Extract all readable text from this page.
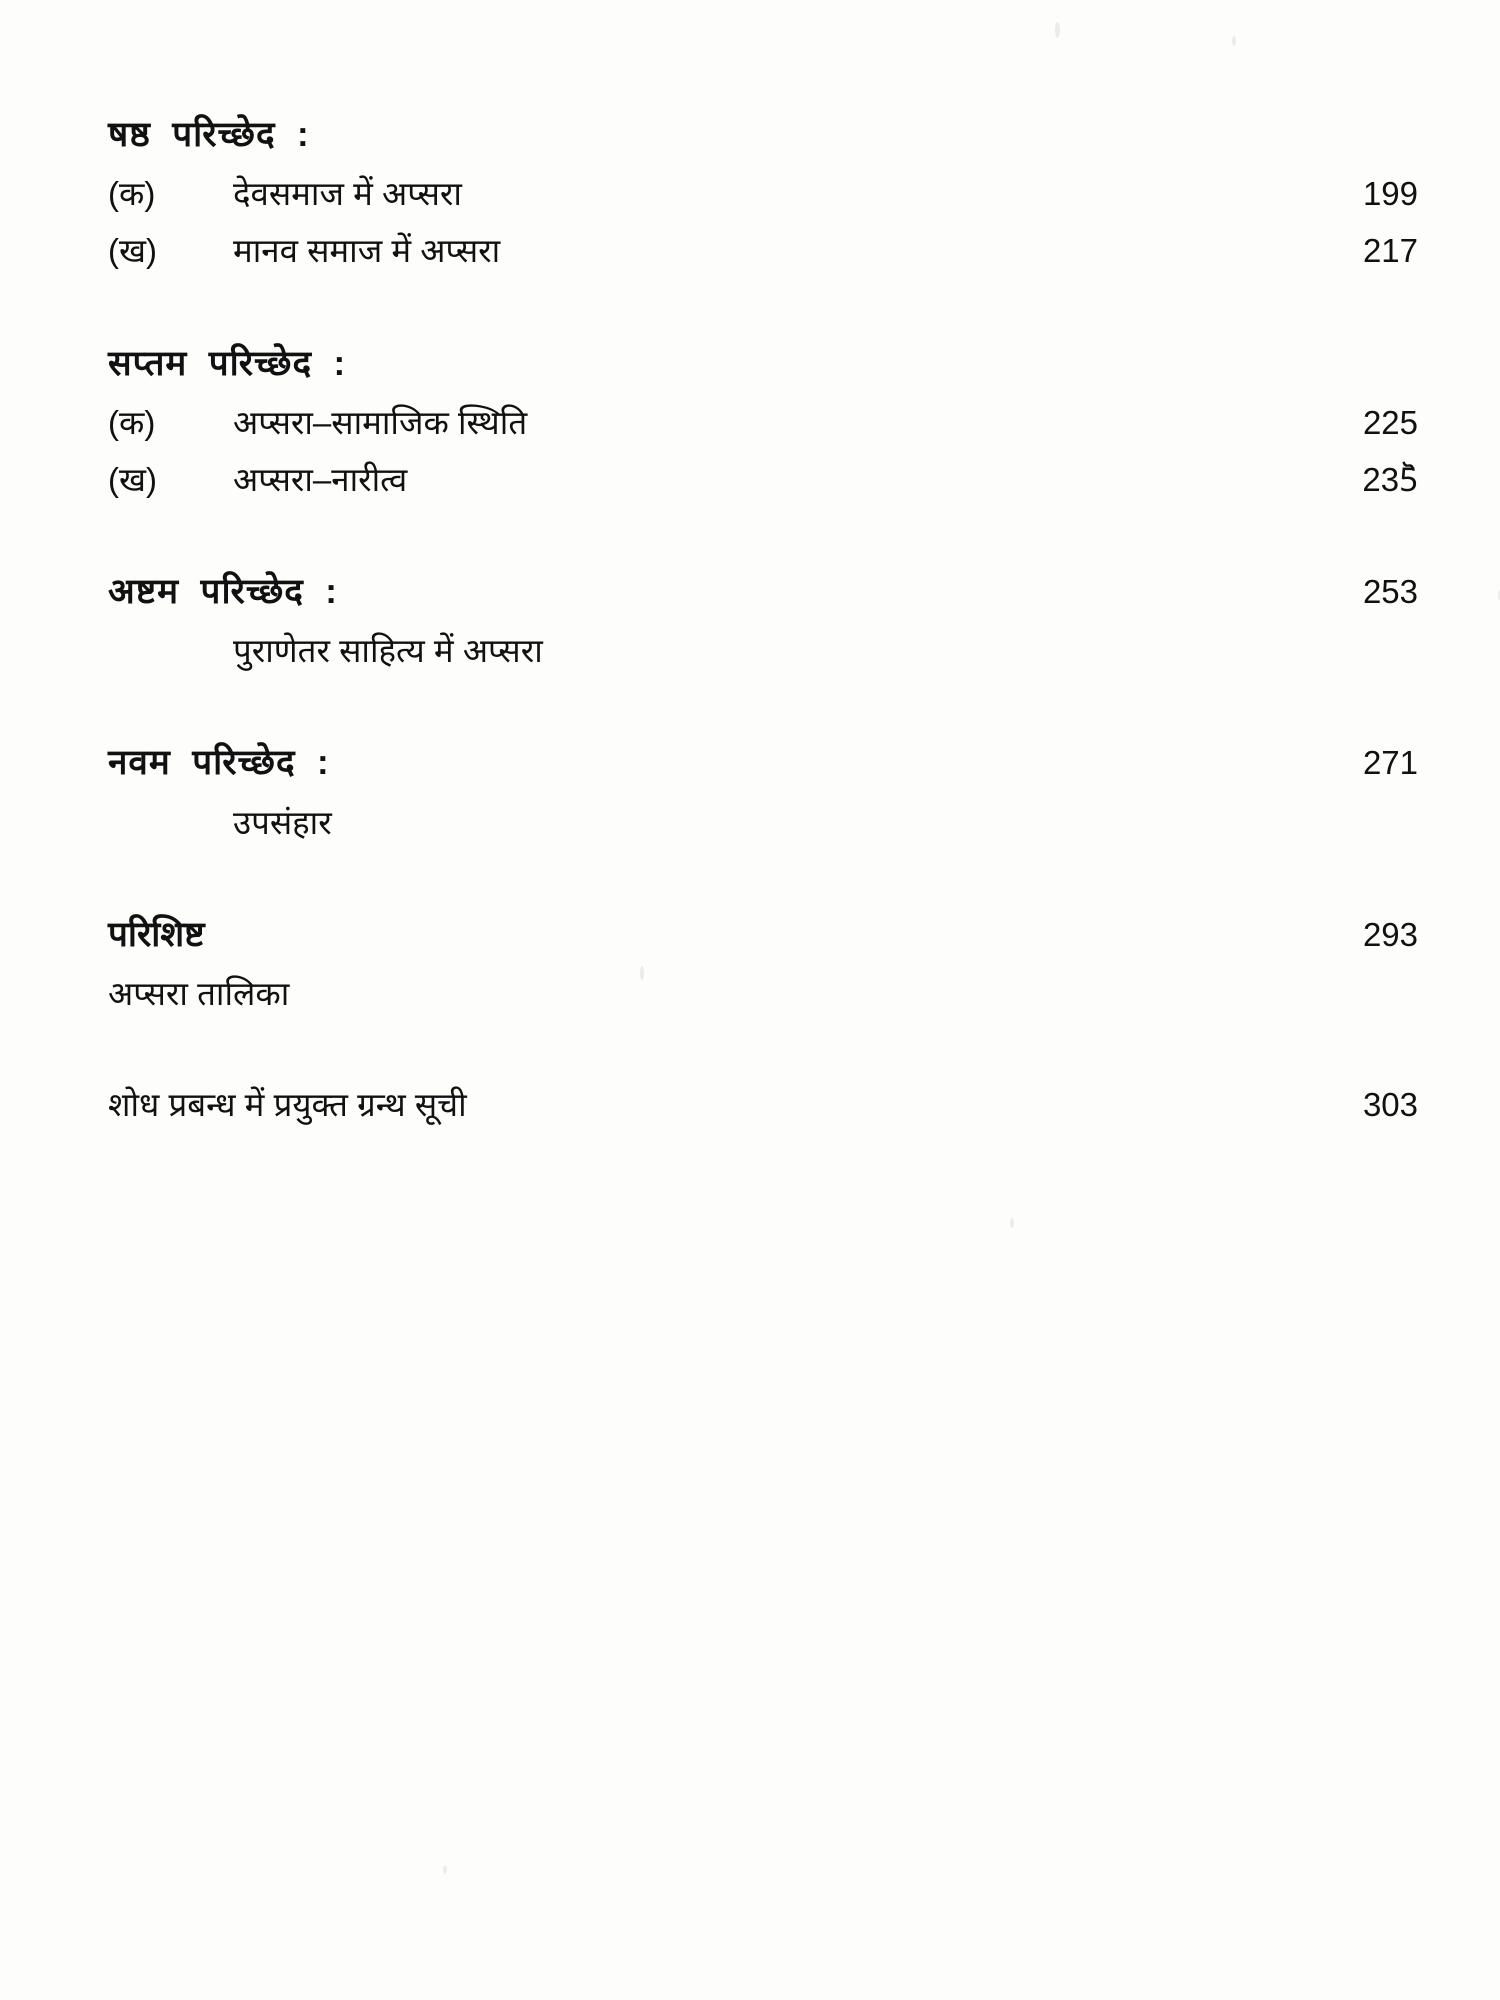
षष्ठ  परिच्छेद  :
(क)	देवसमाज में अप्सरा	199
(ख)	मानव समाज में अप्सरा	217
सप्तम  परिच्छेद  :
(क)	अप्सरा–सामाजिक स्थिति	225
(ख)	अप्सरा–नारीत्व	235ॆ
अष्टम  परिच्छेद  :	253
पुराणेतर साहित्य में अप्सरा
नवम  परिच्छेद  :	271
उपसंहार
परिशिष्ट	293
अप्सरा तालिका
शोध प्रबन्ध में प्रयुक्त ग्रन्थ सूची	303
